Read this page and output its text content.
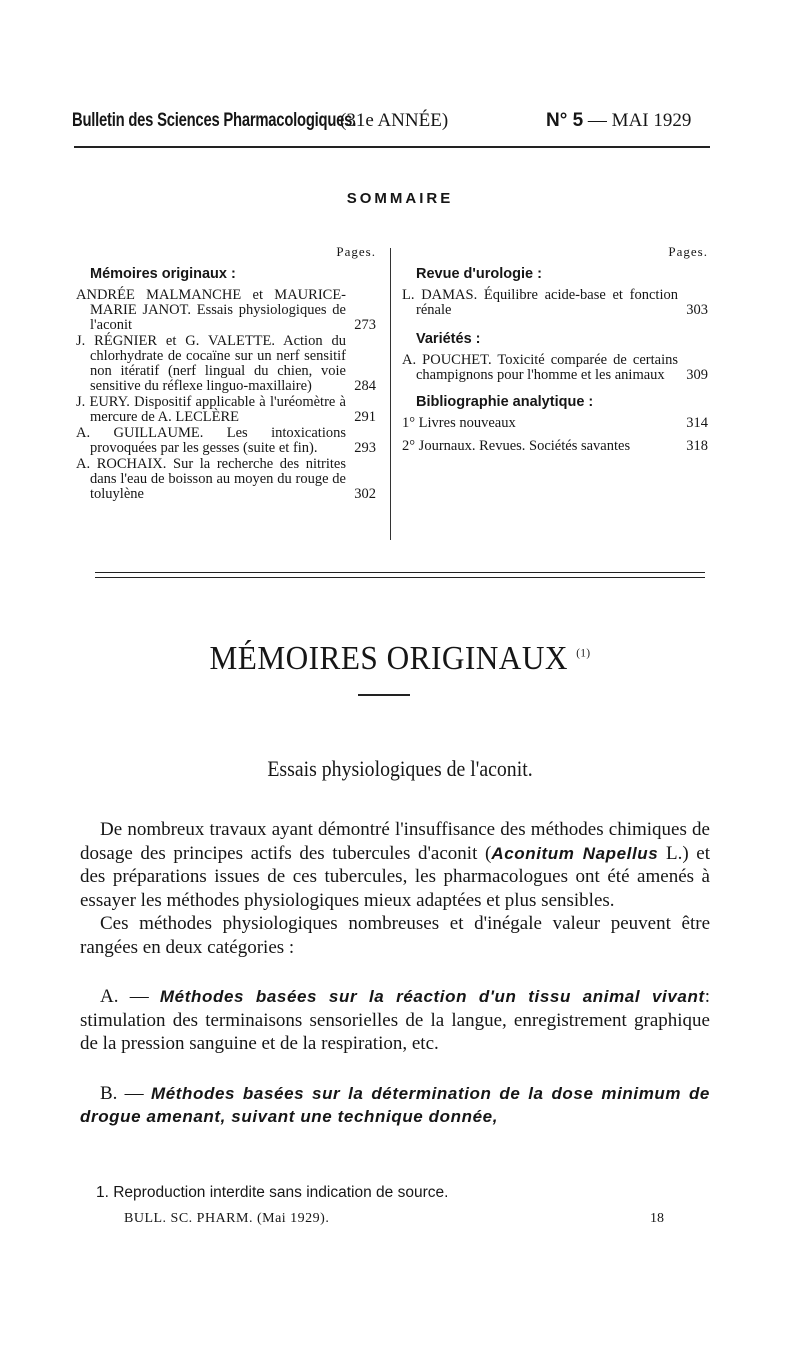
Bulletin des Sciences Pharmacologiques.
(31e ANNÉE)	N° 5 — MAI 1929
SOMMAIRE
Pages.
Mémoires originaux :
ANDRÉE MALMANCHE et MAURICE-MARIE JANOT. Essais physiologiques de l'aconit	273
J. RÉGNIER et G. VALETTE. Action du chlorhydrate de cocaïne sur un nerf sensitif non itératif (nerf lingual du chien, voie sensitive du réflexe linguo-maxillaire)	284
J. EURY. Dispositif applicable à l'uréomètre à mercure de A. LECLÈRE	291
A. GUILLAUME. Les intoxications provoquées par les gesses (suite et fin).	293
A. ROCHAIX. Sur la recherche des nitrites dans l'eau de boisson au moyen du rouge de toluylène	302
Pages.
Revue d'urologie :
L. DAMAS. Équilibre acide-base et fonction rénale	303
Variétés :
A. POUCHET. Toxicité comparée de certains champignons pour l'homme et les animaux	309
Bibliographie analytique :
1° Livres nouveaux	314
2° Journaux. Revues. Sociétés savantes	318
MÉMOIRES ORIGINAUX $^{(1)}$
Essais physiologiques de l'aconit.

De nombreux travaux ayant démontré l'insuffisance des méthodes chimiques de dosage des principes actifs des tubercules d'aconit (Aconitum Napellus L.) et des préparations issues de ces tubercules, les pharmacologues ont été amenés à essayer les méthodes physiologiques mieux adaptées et plus sensibles.

Ces méthodes physiologiques nombreuses et d'inégale valeur peuvent être rangées en deux catégories :

A. — Méthodes basées sur la réaction d'un tissu animal vivant: stimulation des terminaisons sensorielles de la langue, enregistrement graphique de la pression sanguine et de la respiration, etc.

B. — Méthodes basées sur la détermination de la dose minimum de drogue amenant, suivant une technique donnée,

1. Reproduction interdite sans indication de source.
BULL. SC. PHARM. (Mai 1929).	18
